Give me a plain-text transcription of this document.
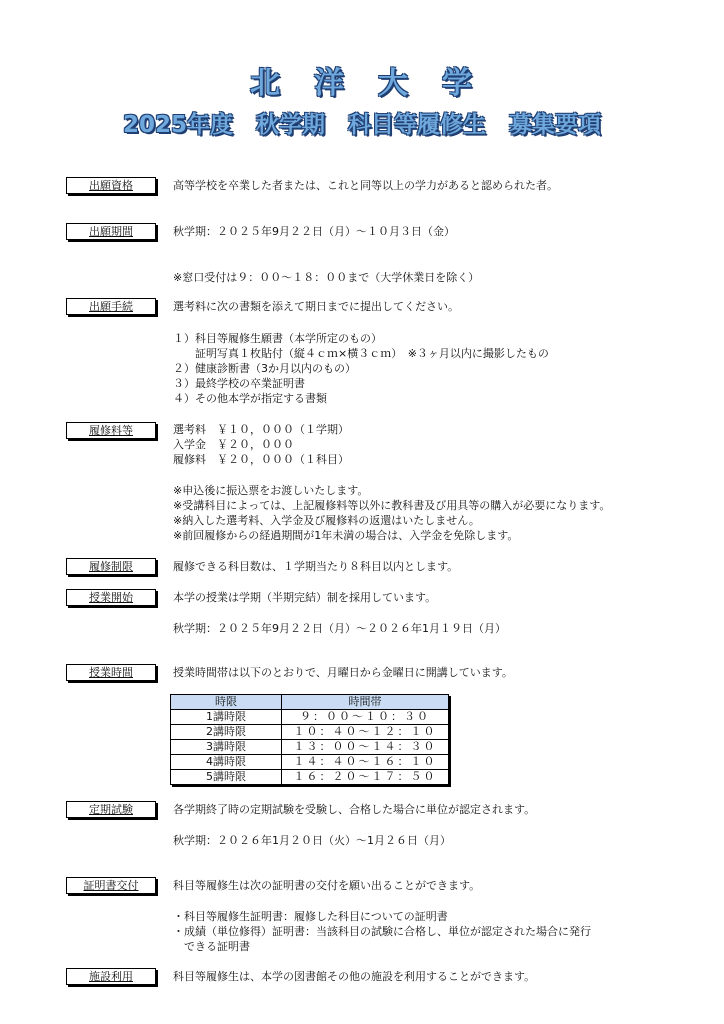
北　洋　大　学
2025年度　秋学期　科目等履修生　募集要項
出願資格	高等学校を卒業した者または、これと同等以上の学力があると認められた者。
出願期間	秋学期：２０２５年9月２２日（月）～１０月３日（金）
※窓口受付は９：００～１８：００まで（大学休業日を除く）
出願手続	選考料に次の書類を添えて期日までに提出してください。
１）科目等履修生願書（本学所定のもの）
　　証明写真１枚貼付（縦４ｃｍ×横３ｃｍ）　※３ヶ月以内に撮影したもの
２）健康診断書（3か月以内のもの）
３）最終学校の卒業証明書
４）その他本学が指定する書類
履修料等	選考料　￥１０，０００（１学期）
入学金　￥２０，０００
履修料　￥２０，０００（１科目）
※申込後に振込票をお渡しいたします。
※受講科目によっては、上記履修料等以外に教科書及び用具等の購入が必要になります。
※納入した選考料、入学金及び履修料の返還はいたしません。
※前回履修からの経過期間が1年未満の場合は、入学金を免除します。
履修制限	履修できる科目数は、１学期当たり８科目以内とします。
授業開始	本学の授業は学期（半期完結）制を採用しています。
秋学期：２０２５年9月２２日（月）～２０２６年1月１９日（月）
授業時間	授業時間帯は以下のとおりで、月曜日から金曜日に開講しています。
時限	時間帯
1講時限	９：００～１０：３０
2講時限	１０：４０～１２：１０
3講時限	１３：００～１４：３０
4講時限	１４：４０～１６：１０
5講時限	１６：２０～１７：５０
定期試験	各学期終了時の定期試験を受験し、合格した場合に単位が認定されます。
秋学期：２０２６年1月２０日（火）～1月２６日（月）
証明書交付	科目等履修生は次の証明書の交付を願い出ることができます。
・科目等履修生証明書：履修した科目についての証明書
・成績（単位修得）証明書：当該科目の試験に合格し、単位が認定された場合に発行
　できる証明書
施設利用	科目等履修生は、本学の図書館その他の施設を利用することができます。
